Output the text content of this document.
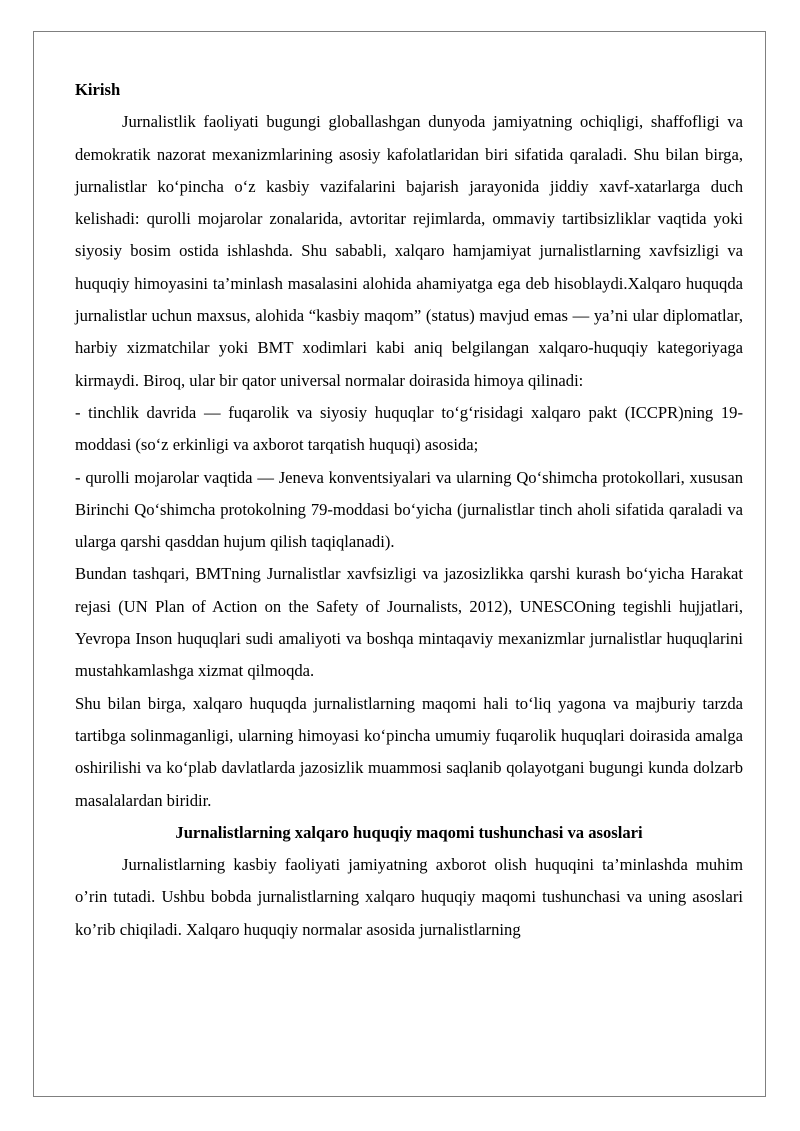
Kirish

Jurnalistlik faoliyati bugungi globallashgan dunyoda jamiyatning ochiqligi, shaffofligi va demokratik nazorat mexanizmlarining asosiy kafolatlaridan biri sifatida qaraladi. Shu bilan birga, jurnalistlar koʻpincha oʻz kasbiy vazifalarini bajarish jarayonida jiddiy xavf-xatarlarga duch kelishadi: qurolli mojarolar zonalarida, avtoritar rejimlarda, ommaviy tartibsizliklar vaqtida yoki siyosiy bosim ostida ishlashda. Shu sababli, xalqaro hamjamiyat jurnalistlarning xavfsizligi va huquqiy himoyasini ta’minlash masalasini alohida ahamiyatga ega deb hisoblaydi.Xalqaro huquqda jurnalistlar uchun maxsus, alohida “kasbiy maqom” (status) mavjud emas — ya’ni ular diplomatlar, harbiy xizmatchilar yoki BMT xodimlari kabi aniq belgilangan xalqaro-huquqiy kategoriyaga kirmaydi. Biroq, ular bir qator universal normalar doirasida himoya qilinadi:

- tinchlik davrida — fuqarolik va siyosiy huquqlar toʻgʻrisidagi xalqaro pakt (ICCPR)ning 19-moddasi (soʻz erkinligi va axborot tarqatish huquqi) asosida;

- qurolli mojarolar vaqtida — Jeneva konventsiyalari va ularning Qoʻshimcha protokollari, xususan Birinchi Qoʻshimcha protokolning 79-moddasi boʻyicha (jurnalistlar tinch aholi sifatida qaraladi va ularga qarshi qasddan hujum qilish taqiqlanadi).

Bundan tashqari, BMTning Jurnalistlar xavfsizligi va jazosizlikka qarshi kurash boʻyicha Harakat rejasi (UN Plan of Action on the Safety of Journalists, 2012), UNESCOning tegishli hujjatlari, Yevropa Inson huquqlari sudi amaliyoti va boshqa mintaqaviy mexanizmlar jurnalistlar huquqlarini mustahkamlashga xizmat qilmoqda.

Shu bilan birga, xalqaro huquqda jurnalistlarning maqomi hali toʻliq yagona va majburiy tarzda tartibga solinmaganligi, ularning himoyasi koʻpincha umumiy fuqarolik huquqlari doirasida amalga oshirilishi va koʻplab davlatlarda jazosizlik muammosi saqlanib qolayotgani bugungi kunda dolzarb masalalardan biridir.

Jurnalistlarning xalqaro huquqiy maqomi tushunchasi va asoslari

Jurnalistlarning kasbiy faoliyati jamiyatning axborot olish huquqini ta’minlashda muhim o’rin tutadi. Ushbu bobda jurnalistlarning xalqaro huquqiy maqomi tushunchasi va uning asoslari ko’rib chiqiladi. Xalqaro huquqiy normalar asosida jurnalistlarning
